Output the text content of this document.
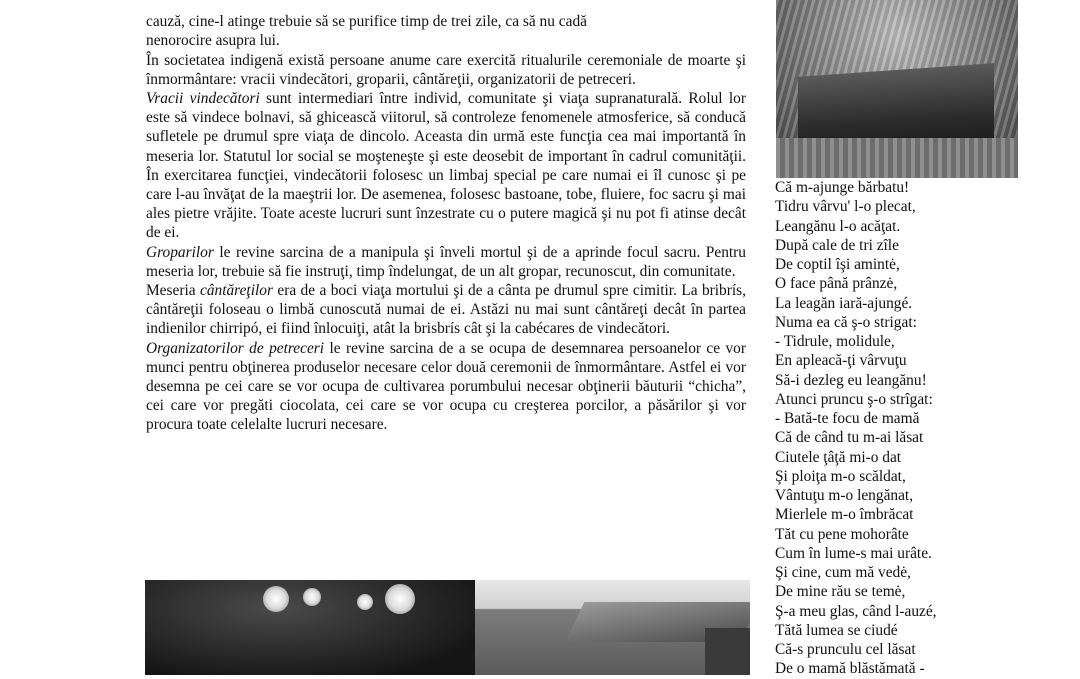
cauză, cine-l atinge trebuie să se purifice timp de trei zile, ca să nu cadă

nenorocire asupra lui.

În societatea indigenă există persoane anume care exercită ritualurile ceremoniale de moarte şi înmormântare: vracii vindecători, groparii, cântăreţii, organizatorii de petreceri.

Vracii vindecători sunt intermediari între individ, comunitate şi viaţa supranaturală. Rolul lor este să vindece bolnavi, să ghicească viitorul, să controleze fenomenele atmosferice, să conducă sufletele pe drumul spre viaţa de dincolo. Aceasta din urmă este funcţia cea mai importantă în meseria lor. Statutul lor social se moşteneşte şi este deosebit de important în cadrul comunităţii. În exercitarea funcţiei, vindecătorii folosesc un limbaj special pe care numai ei îl cunosc şi pe care l-au învăţat de la maeştrii lor. De asemenea, folosesc bastoane, tobe, fluiere, foc sacru şi mai ales pietre vrăjite. Toate aceste lucruri sunt înzestrate cu o putere magică şi nu pot fi atinse decât de ei.

Groparilor le revine sarcina de a manipula şi înveli mortul şi de a aprinde focul sacru. Pentru meseria lor, trebuie să fie instruţi, timp îndelungat, de un alt gropar, recunoscut, din comunitate.

Meseria cântăreţilor era de a boci viaţa mortului şi de a cânta pe drumul spre cimitir. La bribrís, cântăreţii foloseau o limbă cunoscută numai de ei. Astăzi nu mai sunt cântăreţi decât în partea indienilor chirripó, ei fiind înlocuiţi, atât la brisbrís cât şi la cabécares de vindecători.

Organizatorilor de petreceri le revine sarcina de a se ocupa de desemnarea persoanelor ce vor munci pentru obţinerea produselor necesare celor două ceremonii de înmormântare. Astfel ei vor desemna pe cei care se vor ocupa de cultivarea porumbului necesar obţinerii băuturii “chicha”, cei care vor pregăti ciocolata, cei care se vor ocupa cu creşterea porcilor, a păsărilor şi vor procura toate celelalte lucruri necesare.

Că m-ajunge bărbatu!
Tidru vârvu' l-o plecat,
Leangănu l-o acăţat.
După cale de tri zîle
De coptil îşi amintė,
O face până prânzė,
La leagăn iară-ajungé.
Numa ea că ş-o strigat:
- Tidrule, molidule,
En apleacă-ţi vârvuţu
Să-i dezleg eu leangănu!
Atunci pruncu ş-o strîgat:
- Bată-te focu de mamă
Că de când tu m-ai lăsat
Ciutele ţâţă mi-o dat
Şi ploiţa m-o scăldat,
Vântuţu m-o lengănat,
Mierlele m-o îmbrăcat
Tăt cu pene mohorâte
Cum în lume-s mai urâte.
Şi cine, cum mă vedė,
De mine rău se temė,
Ş-a meu glas, când l-auzé,
Tătă lumea se ciudé
Că-s prunculu cel lăsat
De o mamă blăstămată -
